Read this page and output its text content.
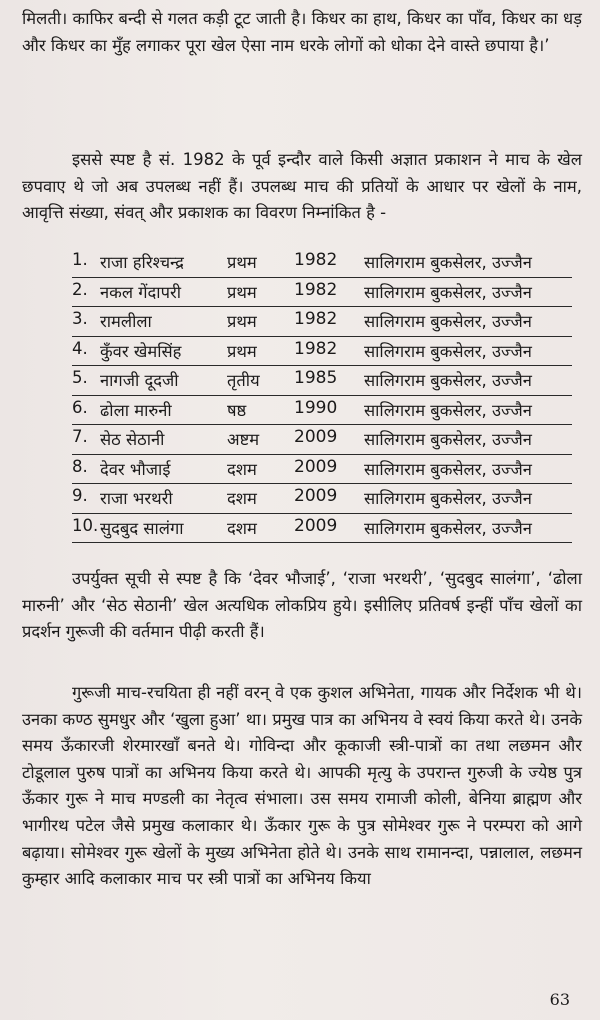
मिलती। काफिर बन्दी से गलत कड़ी टूट जाती है। किधर का हाथ, किधर का पाँव, किधर का धड़ और किधर का मुँह लगाकर पूरा खेल ऐसा नाम धरके लोगों को धोका देने वास्ते छपाया है।’

इससे स्पष्ट है सं. 1982 के पूर्व इन्दौर वाले किसी अज्ञात प्रकाशन ने माच के खेल छपवाए थे जो अब उपलब्ध नहीं हैं। उपलब्ध माच की प्रतियों के आधार पर खेलों के नाम, आवृत्ति संख्या, संवत् और प्रकाशक का विवरण निम्नांकित है -

1. राजा हरिश्चन्द्र	प्रथम 1982 सालिगराम बुकसेलर, उज्जैन
2. नकल गेंदापरी	प्रथम 1982 सालिगराम बुकसेलर, उज्जैन
3. रामलीला	प्रथम 1982 सालिगराम बुकसेलर, उज्जैन
4. कुँवर खेमसिंह	प्रथम 1982 सालिगराम बुकसेलर, उज्जैन
5. नागजी दूदजी	तृतीय 1985 सालिगराम बुकसेलर, उज्जैन
6. ढोला मारुनी	षष्ठ	1990 सालिगराम बुकसेलर, उज्जैन
7. सेठ सेठानी	अष्टम 2009 सालिगराम बुकसेलर, उज्जैन
8. देवर भौजाई	दशम 2009 सालिगराम बुकसेलर, उज्जैन
9. राजा भरथरी	दशम 2009 सालिगराम बुकसेलर, उज्जैन
10. सुदबुद सालंगा	दशम 2009 सालिगराम बुकसेलर, उज्जैन

उपर्युक्त सूची से स्पष्ट है कि ‘देवर भौजाई’, ‘राजा भरथरी’, ‘सुदबुद सालंगा’, ‘ढोला मारुनी’ और ‘सेठ सेठानी’ खेल अत्यधिक लोकप्रिय हुये। इसीलिए प्रतिवर्ष इन्हीं पाँच खेलों का प्रदर्शन गुरूजी की वर्तमान पीढ़ी करती हैं।

गुरूजी माच-रचयिता ही नहीं वरन् वे एक कुशल अभिनेता, गायक और निर्देशक भी थे। उनका कण्ठ सुमधुर और ‘खुला हुआ’ था। प्रमुख पात्र का अभिनय वे स्वयं किया करते थे। उनके समय ऊँकारजी शेरमारखाँ बनते थे। गोविन्दा और कूकाजी स्त्री-पात्रों का तथा लछमन और टोडूलाल पुरुष पात्रों का अभिनय किया करते थे। आपकी मृत्यु के उपरान्त गुरुजी के ज्येष्ठ पुत्र ऊँकार गुरू ने माच मण्डली का नेतृत्व संभाला। उस समय रामाजी कोली, बेनिया ब्राह्मण और भागीरथ पटेल जैसे प्रमुख कलाकार थे। ऊँकार गुरू के पुत्र सोमेश्वर गुरू ने परम्परा को आगे बढ़ाया। सोमेश्वर गुरू खेलों के मुख्य अभिनेता होते थे। उनके साथ रामानन्दा, पन्नालाल, लछमन कुम्हार आदि कलाकार माच पर स्त्री पात्रों का अभिनय किया

63
